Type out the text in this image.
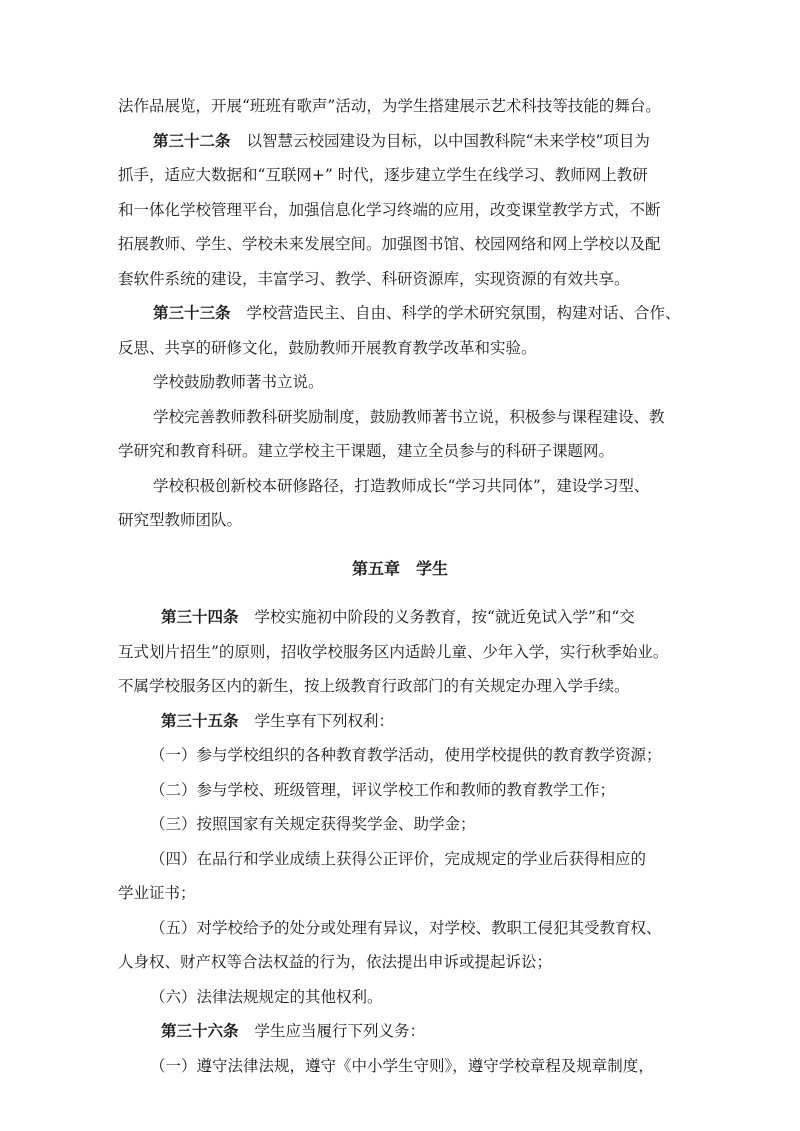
法作品展览，开展“班班有歌声”活动，为学生搭建展示艺术科技等技能的舞台。
第三十二条 以智慧云校园建设为目标，以中国教科院“未来学校”项目为
抓手，适应大数据和“互联网+” 时代，逐步建立学生在线学习、教师网上教研
和一体化学校管理平台，加强信息化学习终端的应用，改变课堂教学方式，不断
拓展教师、学生、学校未来发展空间。加强图书馆、校园网络和网上学校以及配
套软件系统的建设，丰富学习、教学、科研资源库，实现资源的有效共享。
第三十三条 学校营造民主、自由、科学的学术研究氛围，构建对话、合作、
反思、共享的研修文化，鼓励教师开展教育教学改革和实验。
学校鼓励教师著书立说。
学校完善教师教科研奖励制度，鼓励教师著书立说，积极参与课程建设、教
学研究和教育科研。建立学校主干课题，建立全员参与的科研子课题网。
学校积极创新校本研修路径，打造教师成长“学习共同体”，建设学习型、
研究型教师团队。
第五章　学生
第三十四条 学校实施初中阶段的义务教育，按“就近免试入学”和“交
互式划片招生”的原则，招收学校服务区内适龄儿童、少年入学，实行秋季始业。
不属学校服务区内的新生，按上级教育行政部门的有关规定办理入学手续。
第三十五条 学生享有下列权利：
（一）参与学校组织的各种教育教学活动，使用学校提供的教育教学资源；
（二）参与学校、班级管理，评议学校工作和教师的教育教学工作；
（三）按照国家有关规定获得奖学金、助学金；
（四）在品行和学业成绩上获得公正评价，完成规定的学业后获得相应的
学业证书；
（五）对学校给予的处分或处理有异议，对学校、教职工侵犯其受教育权、
人身权、财产权等合法权益的行为，依法提出申诉或提起诉讼；
（六）法律法规规定的其他权利。
第三十六条 学生应当履行下列义务：
（一）遵守法律法规，遵守《中小学生守则》，遵守学校章程及规章制度，
